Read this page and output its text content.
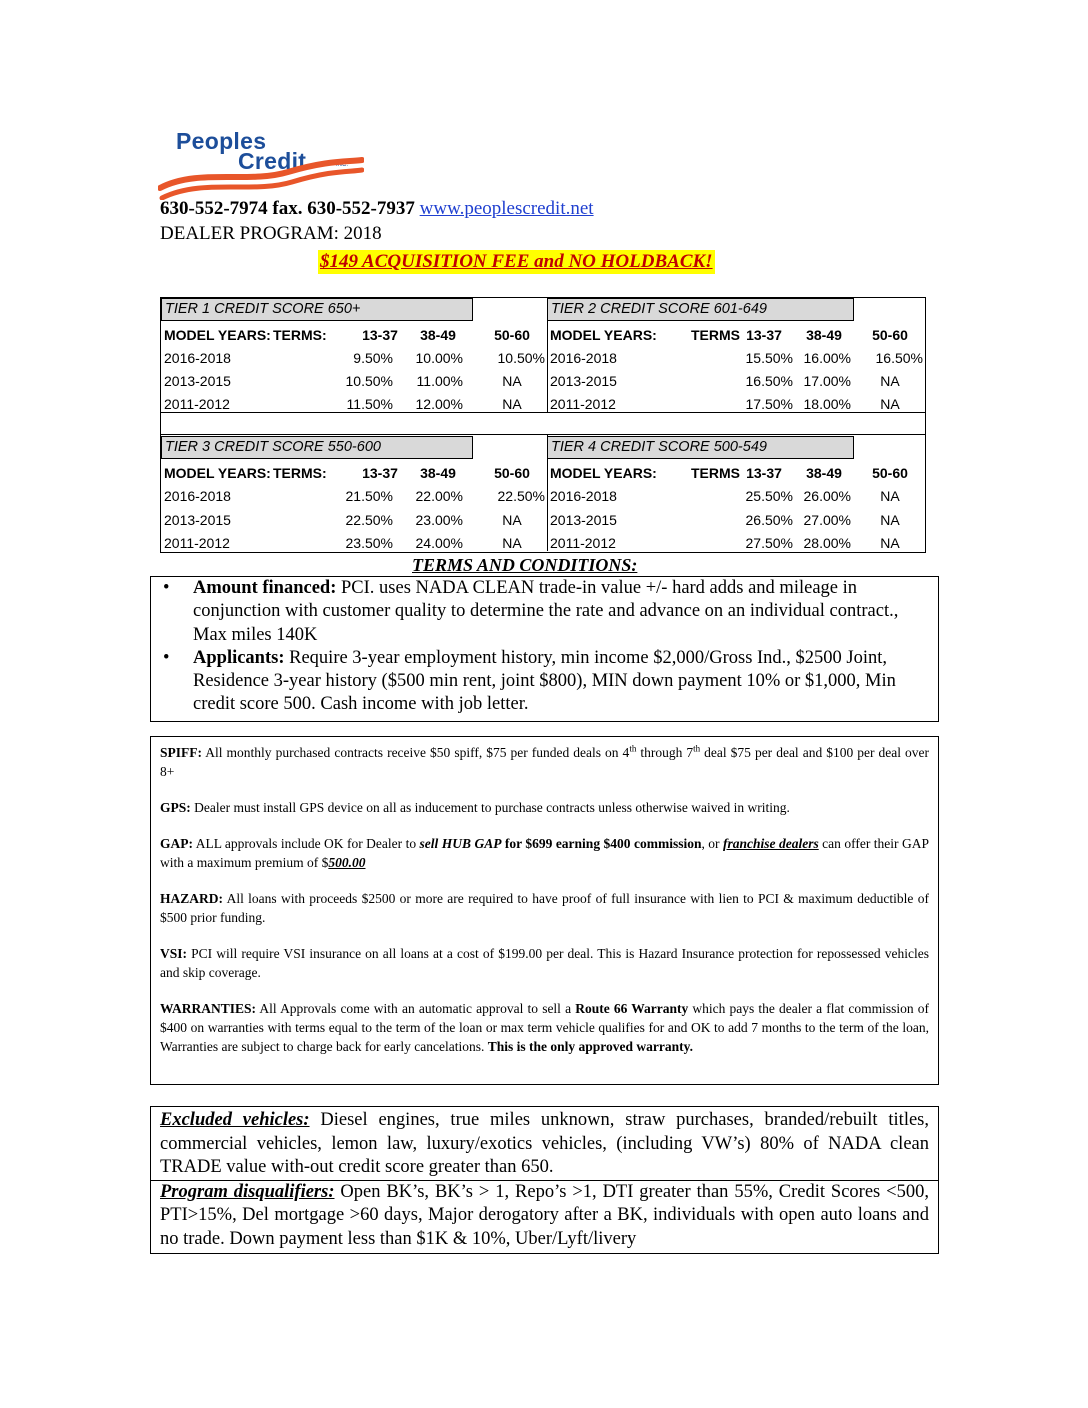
Peoples
Credit	INC.
630-552-7974 fax. 630-552-7937 www.peoplescredit.net
DEALER PROGRAM: 2018
$149 ACQUISITION FEE and NO HOLDBACK!
TIER 1 CREDIT SCORE 650+
MODEL YEARS: TERMS:	13-37	38-49	50-60
2016-2018	9.50%	10.00%	10.50%
2013-2015	10.50%	11.00%	NA
2011-2012	11.50%	12.00%	NA
TIER 2 CREDIT SCORE 601-649
MODEL YEARS: TERMS 13-37	38-49	50-60
2016-2018	15.50% 16.00%	16.50%
2013-2015	16.50% 17.00%	NA
2011-2012	17.50% 18.00%	NA
TIER 3 CREDIT SCORE 550-600
MODEL YEARS: TERMS:	13-37	38-49	50-60
2016-2018	21.50%	22.00%	22.50%
2013-2015	22.50%	23.00%	NA
2011-2012	23.50%	24.00%	NA
TIER 4 CREDIT SCORE 500-549
MODEL YEARS: TERMS 13-37	38-49	50-60
2016-2018	25.50% 26.00%	NA
2013-2015	26.50% 27.00%	NA
2011-2012	27.50% 28.00%	NA
TERMS AND CONDITIONS:
• Amount financed: PCI. uses NADA CLEAN trade-in value +/- hard adds and mileage in conjunction with customer quality to determine the rate and advance on an individual contract., Max miles 140K
• Applicants: Require 3-year employment history, min income $2,000/Gross Ind., $2500 Joint, Residence 3-year history ($500 min rent, joint $800), MIN down payment 10% or $1,000, Min credit score 500. Cash income with job letter.

SPIFF: All monthly purchased contracts receive $50 spiff, $75 per funded deals on 4th through 7th deal $75 per deal and $100 per deal over 8+

GPS: Dealer must install GPS device on all as inducement to purchase contracts unless otherwise waived in writing.

GAP: ALL approvals include OK for Dealer to sell HUB GAP for $699 earning $400 commission, or franchise dealers can offer their GAP with a maximum premium of $500.00

HAZARD: All loans with proceeds $2500 or more are required to have proof of full insurance with lien to PCI & maximum deductible of $500 prior funding.

VSI: PCI will require VSI insurance on all loans at a cost of $199.00 per deal. This is Hazard Insurance protection for repossessed vehicles and skip coverage.

WARRANTIES: All Approvals come with an automatic approval to sell a Route 66 Warranty which pays the dealer a flat commission of $400 on warranties with terms equal to the term of the loan or max term vehicle qualifies for and OK to add 7 months to the term of the loan, Warranties are subject to charge back for early cancelations. This is the only approved warranty.

Excluded vehicles: Diesel engines, true miles unknown, straw purchases, branded/rebuilt titles, commercial vehicles, lemon law, luxury/exotics vehicles, (including VW’s) 80% of NADA clean TRADE value with-out credit score greater than 650.

Program disqualifiers: Open BK’s, BK’s > 1, Repo’s >1, DTI greater than 55%, Credit Scores <500, PTI>15%, Del mortgage >60 days, Major derogatory after a BK, individuals with open auto loans and no trade. Down payment less than $1K & 10%, Uber/Lyft/livery
